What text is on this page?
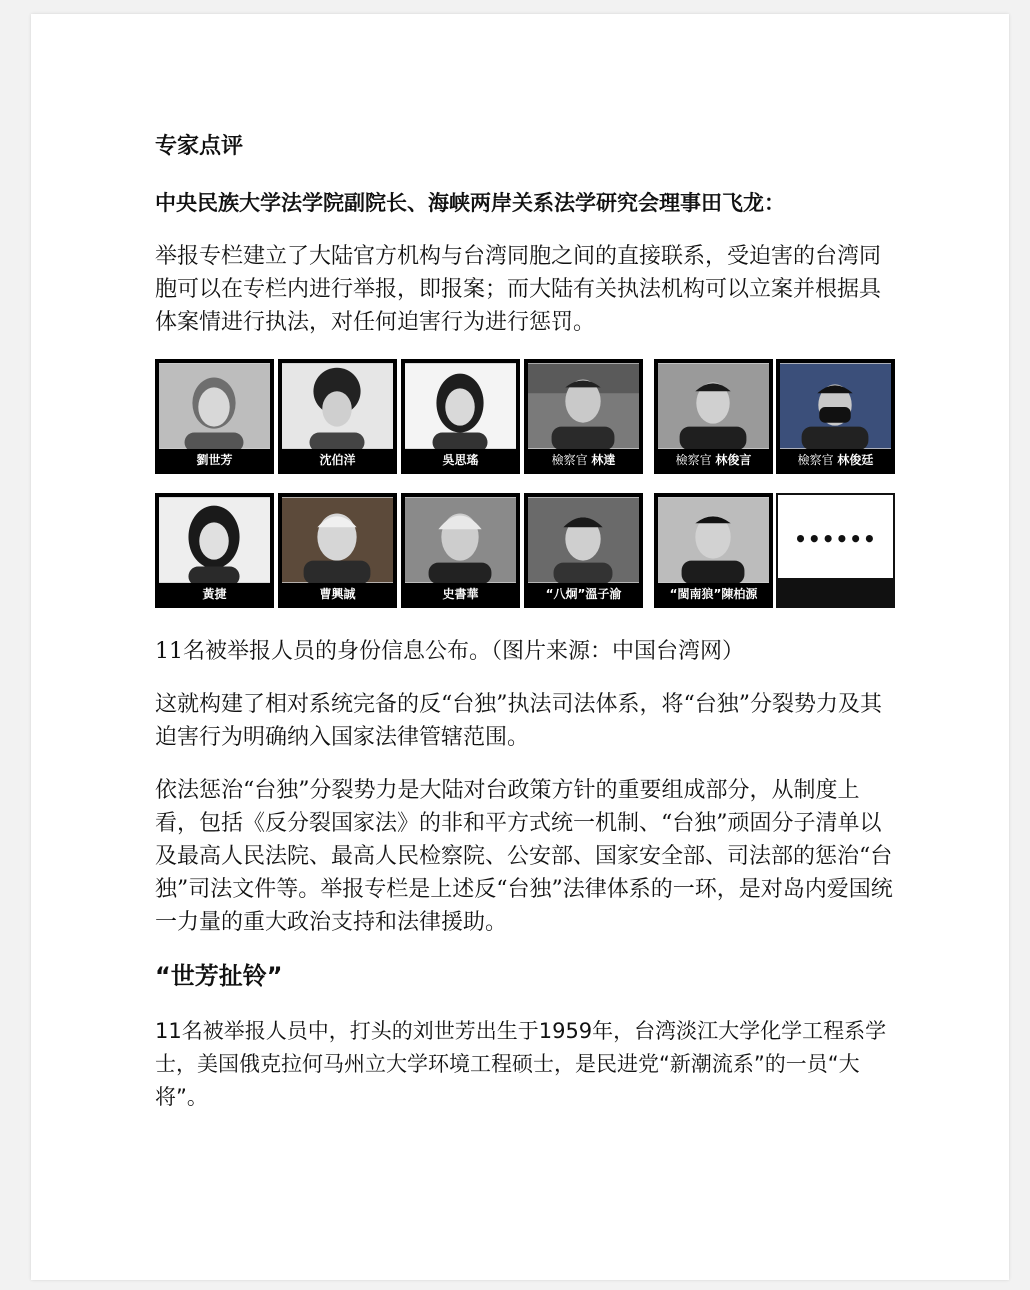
专家点评
中央民族大学法学院副院长、海峡两岸关系法学研究会理事田飞龙：

举报专栏建立了大陆官方机构与台湾同胞之间的直接联系，受迫害的台湾同胞可以在专栏内进行举报，即报案；而大陆有关执法机构可以立案并根据具体案情进行执法，对任何迫害行为进行惩罚。

劉世芳	沈伯洋	吳思瑤	檢察官 林達	檢察官 林俊言	檢察官 林俊廷
黃捷	曹興誠	史書華	“八炯”溫子渝	“閩南狼”陳柏源
••••••

11名被举报人员的身份信息公布。（图片来源：中国台湾网）

这就构建了相对系统完备的反“台独”执法司法体系，将“台独”分裂势力及其迫害行为明确纳入国家法律管辖范围。

依法惩治“台独”分裂势力是大陆对台政策方针的重要组成部分，从制度上看，包括《反分裂国家法》的非和平方式统一机制、“台独”顽固分子清单以及最高人民法院、最高人民检察院、公安部、国家安全部、司法部的惩治“台独”司法文件等。举报专栏是上述反“台独”法律体系的一环，是对岛内爱国统一力量的重大政治支持和法律援助。

“世芳扯铃”

11名被举报人员中，打头的刘世芳出生于1959年，台湾淡江大学化学工程系学士，美国俄克拉何马州立大学环境工程硕士，是民进党“新潮流系”的一员“大将”。
